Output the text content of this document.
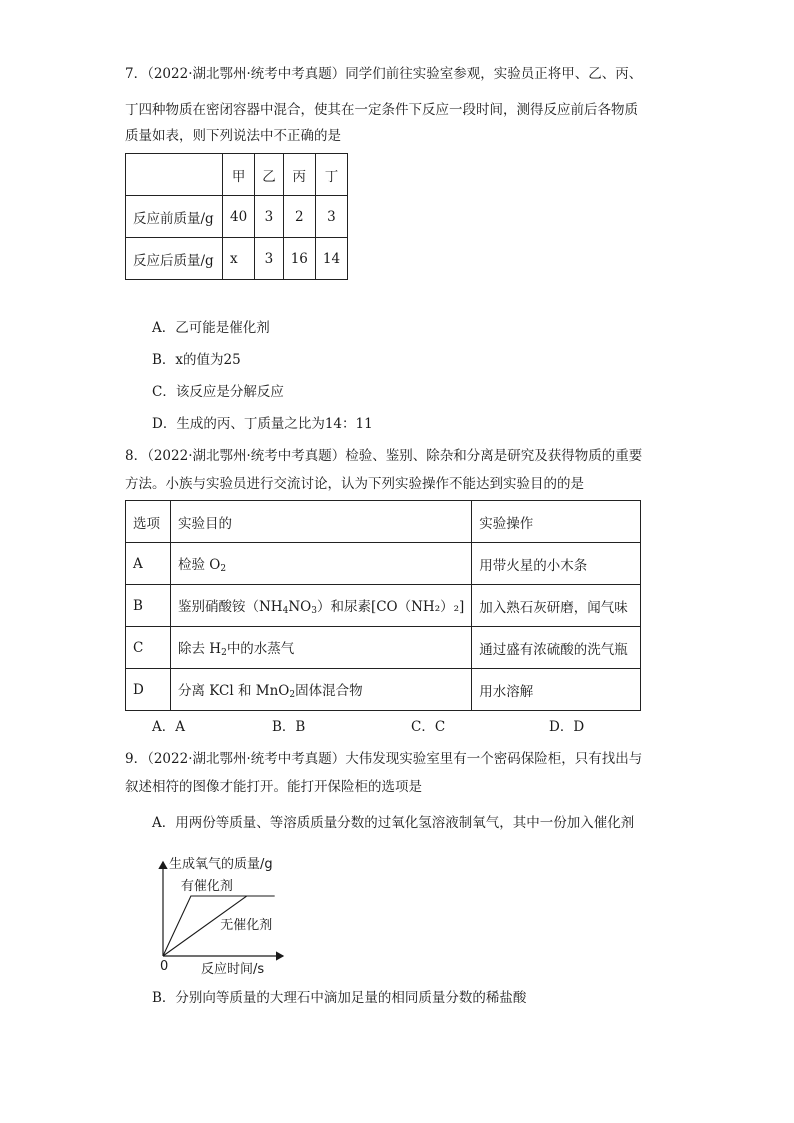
7．（2022·湖北鄂州·统考中考真题）同学们前往实验室参观，实验员正将甲、乙、丙、
丁四种物质在密闭容器中混合，使其在一定条件下反应一段时间，测得反应前后各物质
质量如表，则下列说法中不正确的是
	甲	乙	丙	丁
反应前质量/g	40	3	2	3
反应后质量/g	x	3	16	14
A．乙可能是催化剂
B．x的值为25
C．该反应是分解反应
D．生成的丙、丁质量之比为14：11
8．（2022·湖北鄂州·统考中考真题）检验、鉴别、除杂和分离是研究及获得物质的重要
方法。小族与实验员进行交流讨论，认为下列实验操作不能达到实验目的的是
选项	实验目的	实验操作
A	检验 $O_2$	用带火星的小木条
B	鉴别硝酸铵$(NH_4NO_3)$和尿素[CO（NH₂）₂]	加入熟石灰研磨，闻气味
C	除去 $H_2$中的水蒸气	通过盛有浓硫酸的洗气瓶
D	分离 KCl 和 MnO$_2$固体混合物	用水溶解
A．A	B．B	C．C	D．D
9．（2022·湖北鄂州·统考中考真题）大伟发现实验室里有一个密码保险柜，只有找出与
叙述相符的图像才能打开。能打开保险柜的选项是
A．用两份等质量、等溶质质量分数的过氧化氢溶液制氧气，其中一份加入催化剂
生成氧气的质量/g
反应时间/s
0
有催化剂
无催化剂
B．分别向等质量的大理石中滴加足量的相同质量分数的稀盐酸
